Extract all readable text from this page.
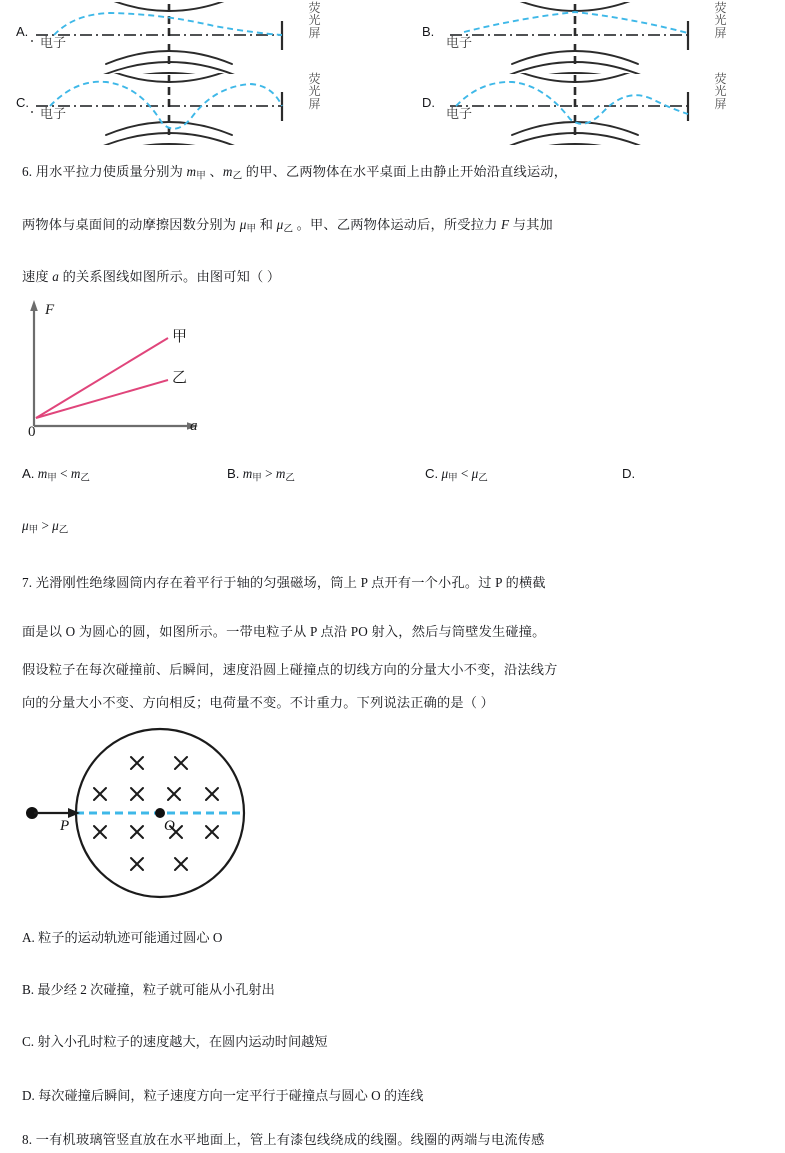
A.
电子
荧光屏	B.
电子
荧光屏
C.
电子
荧光屏	D.
电子
荧光屏
6. 用水平拉力使质量分别为 $m_甲$ 、$m_乙$ 的甲、乙两物体在水平桌面上由静止开始沿直线运动，
两物体与桌面间的动摩擦因数分别为 $\mu_甲$ 和 $\mu_乙$ 。甲、乙两物体运动后，所受拉力 F 与其加
速度 a 的关系图线如图所示。由图可知（ ）
F
a
0
甲
乙
A. $m_甲 < m_乙$	B. $m_甲 > m_乙$	C. $\mu_甲 < \mu_乙$	D.
$\mu_甲 > \mu_乙$
7. 光滑刚性绝缘圆筒内存在着平行于轴的匀强磁场，筒上 P 点开有一个小孔。过 P 的横截
面是以 O 为圆心的圆，如图所示。一带电粒子从 P 点沿 PO 射入，然后与筒壁发生碰撞。
假设粒子在每次碰撞前、后瞬间，速度沿圆上碰撞点的切线方向的分量大小不变，沿法线方
向的分量大小不变、方向相反；电荷量不变。不计重力。下列说法正确的是（ ）
P	O
A. 粒子的运动轨迹可能通过圆心 O
B. 最少经 2 次碰撞，粒子就可能从小孔射出
C. 射入小孔时粒子的速度越大，在圆内运动时间越短
D. 每次碰撞后瞬间，粒子速度方向一定平行于碰撞点与圆心 O 的连线
8. 一有机玻璃管竖直放在水平地面上，管上有漆包线绕成的线圈。线圈的两端与电流传感
